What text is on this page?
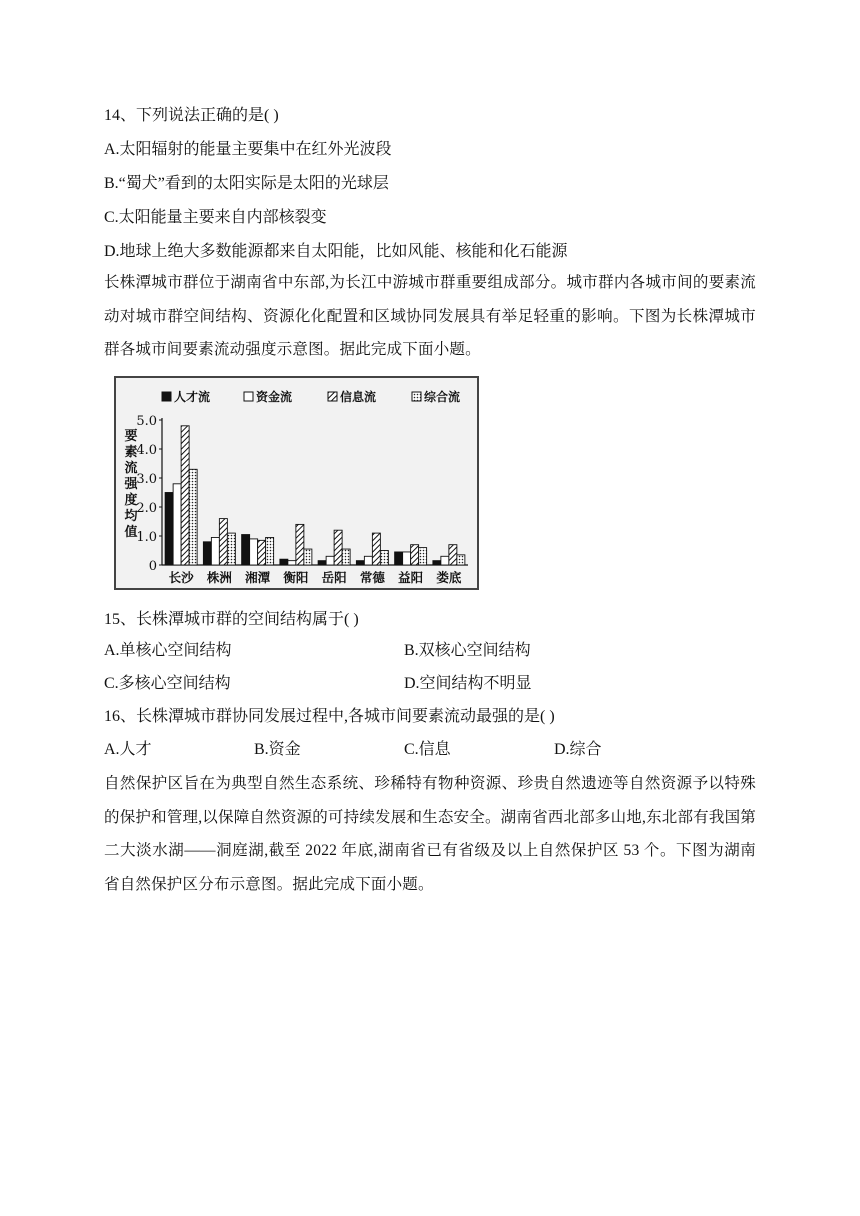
14、下列说法正确的是( )
A.太阳辐射的能量主要集中在红外光波段
B.“蜀犬”看到的太阳实际是太阳的光球层
C.太阳能量主要来自内部核裂变
D.地球上绝大多数能源都来自太阳能，比如风能、核能和化石能源
长株潭城市群位于湖南省中东部,为长江中游城市群重要组成部分。城市群内各城市间的要素流动对城市群空间结构、资源化化配置和区域协同发展具有举足轻重的影响。下图为长株潭城市群各城市间要素流动强度示意图。据此完成下面小题。
人才流	资金流	信息流	综合流
0
1.0
2.0
3.0
4.0
5.0
要
素
流
强
度
均
值
长沙 株洲 湘潭 衡阳 岳阳 常德 益阳 娄底
15、长株潭城市群的空间结构属于( )
A.单核心空间结构	B.双核心空间结构
C.多核心空间结构	D.空间结构不明显
16、长株潭城市群协同发展过程中,各城市间要素流动最强的是( )
A.人才	B.资金	C.信息	D.综合
自然保护区旨在为典型自然生态系统、珍稀特有物种资源、珍贵自然遗迹等自然资源予以特殊的保护和管理,以保障自然资源的可持续发展和生态安全。湖南省西北部多山地,东北部有我国第二大淡水湖——洞庭湖,截至 2022 年底,湖南省已有省级及以上自然保护区 53 个。下图为湖南省自然保护区分布示意图。据此完成下面小题。
